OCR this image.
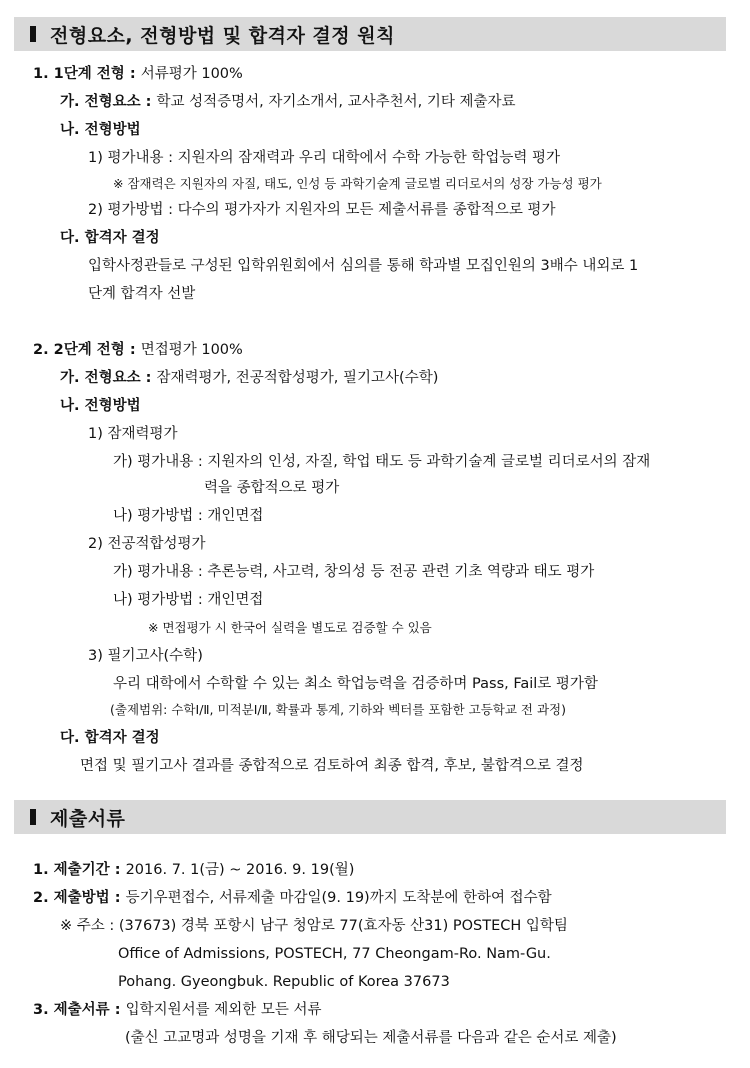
전형요소, 전형방법 및 합격자 결정 원칙
1. 1단계 전형 : 서류평가 100%
가. 전형요소 : 학교 성적증명서, 자기소개서, 교사추천서, 기타 제출자료
나. 전형방법
1) 평가내용 : 지원자의 잠재력과 우리 대학에서 수학 가능한 학업능력 평가
※ 잠재력은 지원자의 자질, 태도, 인성 등 과학기술계 글로벌 리더로서의 성장 가능성 평가
2) 평가방법 : 다수의 평가자가 지원자의 모든 제출서류를 종합적으로 평가
다. 합격자 결정
입학사정관들로 구성된 입학위원회에서 심의를 통해 학과별 모집인원의 3배수 내외로 1
단계 합격자 선발
2. 2단계 전형 : 면접평가 100%
가. 전형요소 : 잠재력평가, 전공적합성평가, 필기고사(수학)
나. 전형방법
1) 잠재력평가
가) 평가내용 : 지원자의 인성, 자질, 학업 태도 등 과학기술계 글로벌 리더로서의 잠재
력을 종합적으로 평가
나) 평가방법 : 개인면접
2) 전공적합성평가
가) 평가내용 : 추론능력, 사고력, 창의성 등 전공 관련 기초 역량과 태도 평가
나) 평가방법 : 개인면접
※ 면접평가 시 한국어 실력을 별도로 검증할 수 있음
3) 필기고사(수학)
우리 대학에서 수학할 수 있는 최소 학업능력을 검증하며 Pass, Fail로 평가함
(출제범위: 수학Ⅰ/Ⅱ, 미적분Ⅰ/Ⅱ, 확률과 통계, 기하와 벡터를 포함한 고등학교 전 과정)
다. 합격자 결정
면접 및 필기고사 결과를 종합적으로 검토하여 최종 합격, 후보, 불합격으로 결정
제출서류
1. 제출기간 : 2016. 7. 1(금) ~ 2016. 9. 19(월)
2. 제출방법 : 등기우편접수, 서류제출 마감일(9. 19)까지 도착분에 한하여 접수함
※ 주소 : (37673) 경북 포항시 남구 청암로 77(효자동 산31) POSTECH 입학팀
Office of Admissions, POSTECH, 77 Cheongam-Ro. Nam-Gu.
Pohang. Gyeongbuk. Republic of Korea 37673
3. 제출서류 : 입학지원서를 제외한 모든 서류
(출신 고교명과 성명을 기재 후 해당되는 제출서류를 다음과 같은 순서로 제출)
